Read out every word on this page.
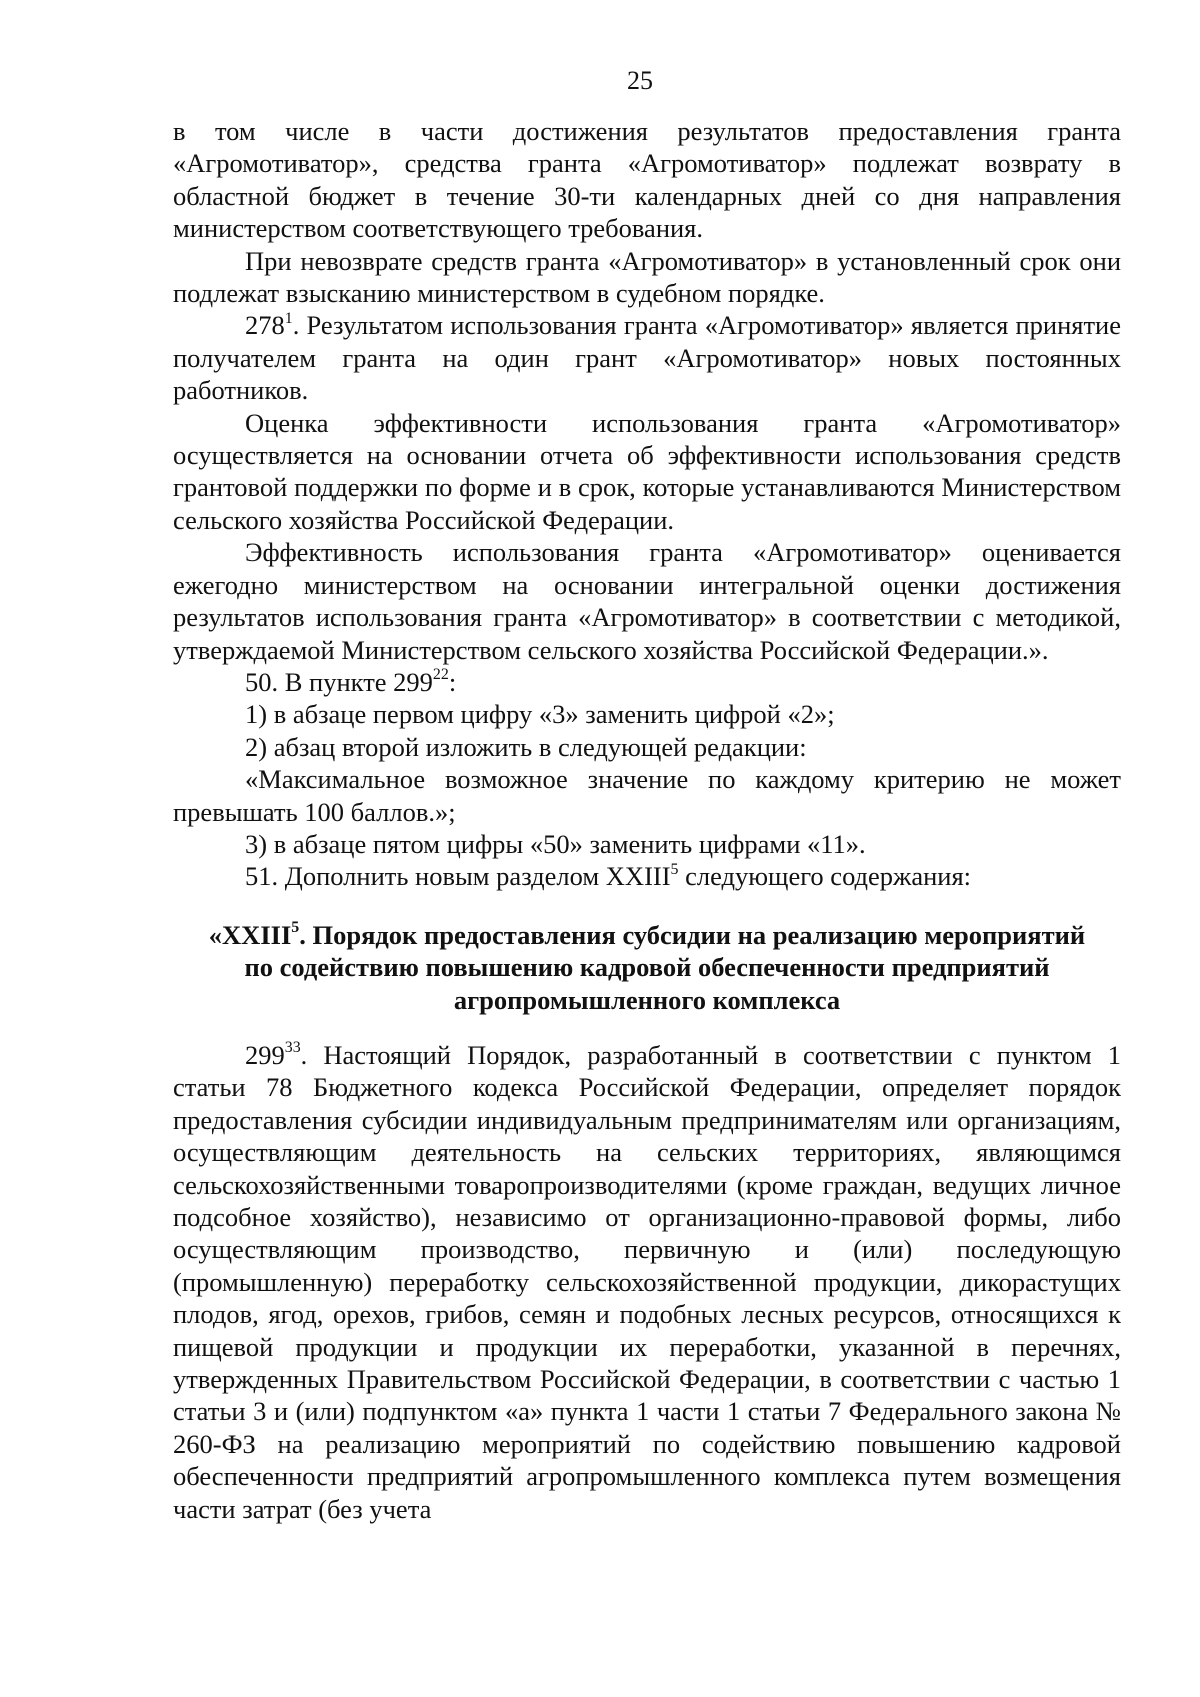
25

в том числе в части достижения результатов предоставления гранта «Агромотиватор», средства гранта «Агромотиватор» подлежат возврату в областной бюджет в течение 30-ти календарных дней со дня направления министерством соответствующего требования.

При невозврате средств гранта «Агромотиватор» в установленный срок они подлежат взысканию министерством в судебном порядке.

$278^1$. Результатом использования гранта «Агромотиватор» является принятие получателем гранта на один грант «Агромотиватор» новых постоянных работников.

Оценка эффективности использования гранта «Агромотиватор» осуществляется на основании отчета об эффективности использования средств грантовой поддержки по форме и в срок, которые устанавливаются Министерством сельского хозяйства Российской Федерации.

Эффективность использования гранта «Агромотиватор» оценивается ежегодно министерством на основании интегральной оценки достижения результатов использования гранта «Агромотиватор» в соответствии с методикой, утверждаемой Министерством сельского хозяйства Российской Федерации.».

50. В пункте $299^{22}$:

1) в абзаце первом цифру «3» заменить цифрой «2»;

2) абзац второй изложить в следующей редакции:

«Максимальное возможное значение по каждому критерию не может превышать 100 баллов.»;

3) в абзаце пятом цифры «50» заменить цифрами «11».

51. Дополнить новым разделом XXIII$^5$ следующего содержания:

«XXIII$^5$. Порядок предоставления субсидии на реализацию мероприятий

по содействию повышению кадровой обеспеченности предприятий

агропромышленного комплекса

$299^{33}$. Настоящий Порядок, разработанный в соответствии с пунктом 1 статьи 78 Бюджетного кодекса Российской Федерации, определяет порядок предоставления субсидии индивидуальным предпринимателям или организациям, осуществляющим деятельность на сельских территориях, являющимся сельскохозяйственными товаропроизводителями (кроме граждан, ведущих личное подсобное хозяйство), независимо от организационно-правовой формы, либо осуществляющим производство, первичную и (или) последующую (промышленную) переработку сельскохозяйственной продукции, дикорастущих плодов, ягод, орехов, грибов, семян и подобных лесных ресурсов, относящихся к пищевой продукции и продукции их переработки, указанной в перечнях, утвержденных Правительством Российской Федерации, в соответствии с частью 1 статьи 3 и (или) подпунктом «а» пункта 1 части 1 статьи 7 Федерального закона № 260-ФЗ на реализацию мероприятий по содействию повышению кадровой обеспеченности предприятий агропромышленного комплекса путем возмещения части затрат (без учета
